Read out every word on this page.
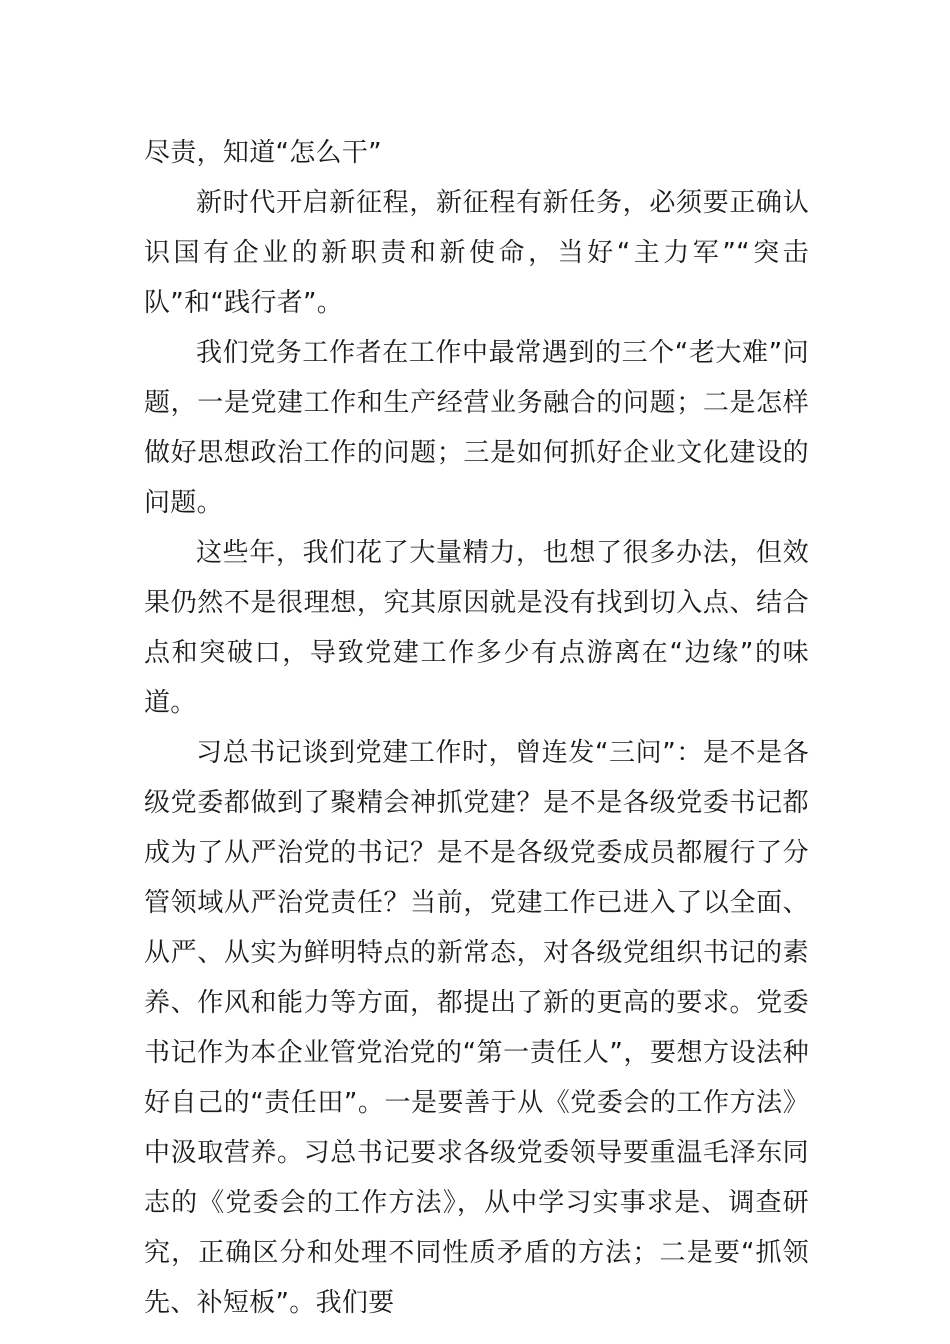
尽责，知道“怎么干”

新时代开启新征程，新征程有新任务，必须要正确认识国有企业的新职责和新使命，当好“主力军”“突击队”和“践行者”。

我们党务工作者在工作中最常遇到的三个“老大难”问题，一是党建工作和生产经营业务融合的问题；二是怎样做好思想政治工作的问题；三是如何抓好企业文化建设的问题。

这些年，我们花了大量精力，也想了很多办法，但效果仍然不是很理想，究其原因就是没有找到切入点、结合点和突破口，导致党建工作多少有点游离在“边缘”的味道。

习总书记谈到党建工作时，曾连发“三问”：是不是各级党委都做到了聚精会神抓党建？是不是各级党委书记都成为了从严治党的书记？是不是各级党委成员都履行了分管领域从严治党责任？当前，党建工作已进入了以全面、从严、从实为鲜明特点的新常态，对各级党组织书记的素养、作风和能力等方面，都提出了新的更高的要求。党委书记作为本企业管党治党的“第一责任人”，要想方设法种好自己的“责任田”。一是要善于从《党委会的工作方法》中汲取营养。习总书记要求各级党委领导要重温毛泽东同志的《党委会的工作方法》，从中学习实事求是、调查研究，正确区分和处理不同性质矛盾的方法；二是要“抓领先、补短板”。我们要
